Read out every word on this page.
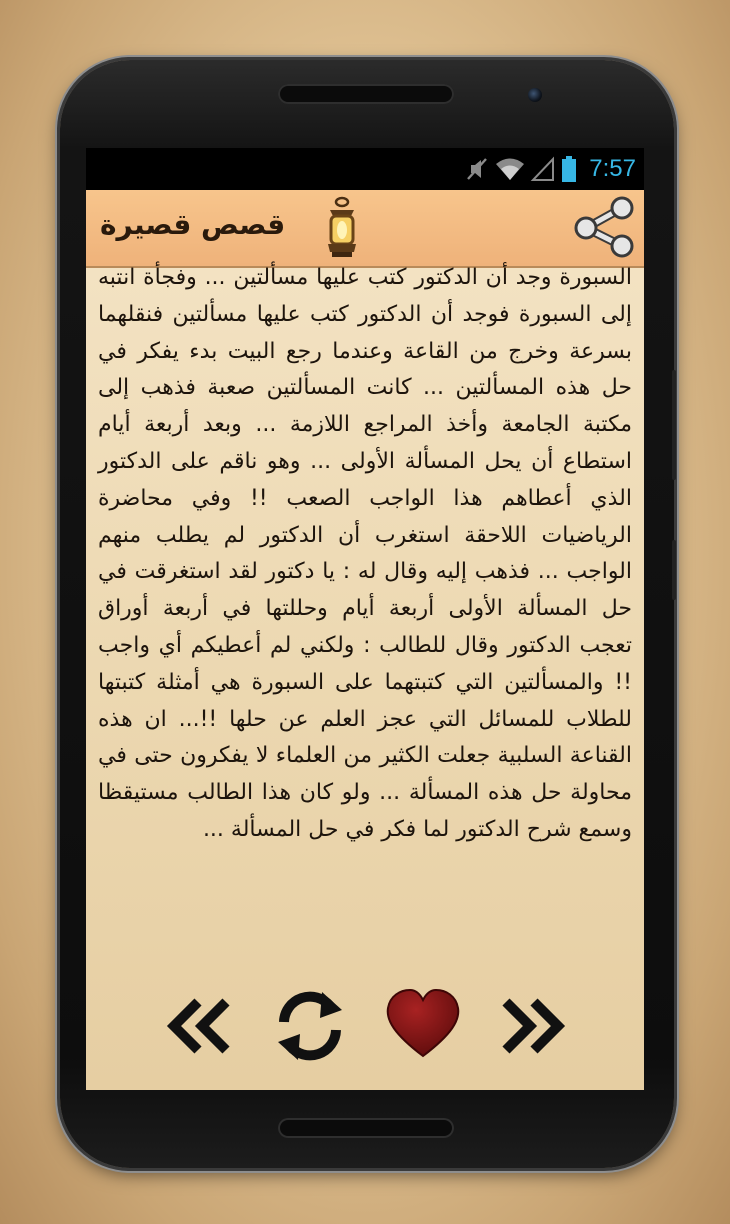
7:57
قصص قصيرة
السبورة وجد أن الدكتور كتب عليها مسألتين ... وفجأة انتبه إلى السبورة فوجد أن الدكتور كتب عليها مسألتين فنقلهما بسرعة وخرج من القاعة وعندما رجع البيت بدء يفكر في حل هذه المسألتين ... كانت المسألتين صعبة فذهب إلى مكتبة الجامعة وأخذ المراجع اللازمة ... وبعد أربعة أيام استطاع أن يحل المسألة الأولى ... وهو ناقم على الدكتور الذي أعطاهم هذا الواجب الصعب !! وفي محاضرة الرياضيات اللاحقة استغرب أن الدكتور لم يطلب منهم الواجب ... فذهب إليه وقال له : يا دكتور لقد استغرقت في حل المسألة الأولى أربعة أيام وحللتها في أربعة أوراق تعجب الدكتور وقال للطالب : ولكني لم أعطيكم أي واجب !! والمسألتين التي كتبتهما على السبورة هي أمثلة كتبتها للطلاب للمسائل التي عجز العلم عن حلها !!... ان هذه القناعة السلبية جعلت الكثير من العلماء لا يفكرون حتى في محاولة حل هذه المسألة ... ولو كان هذا الطالب مستيقظا وسمع شرح الدكتور لما فكر في حل المسألة ...
